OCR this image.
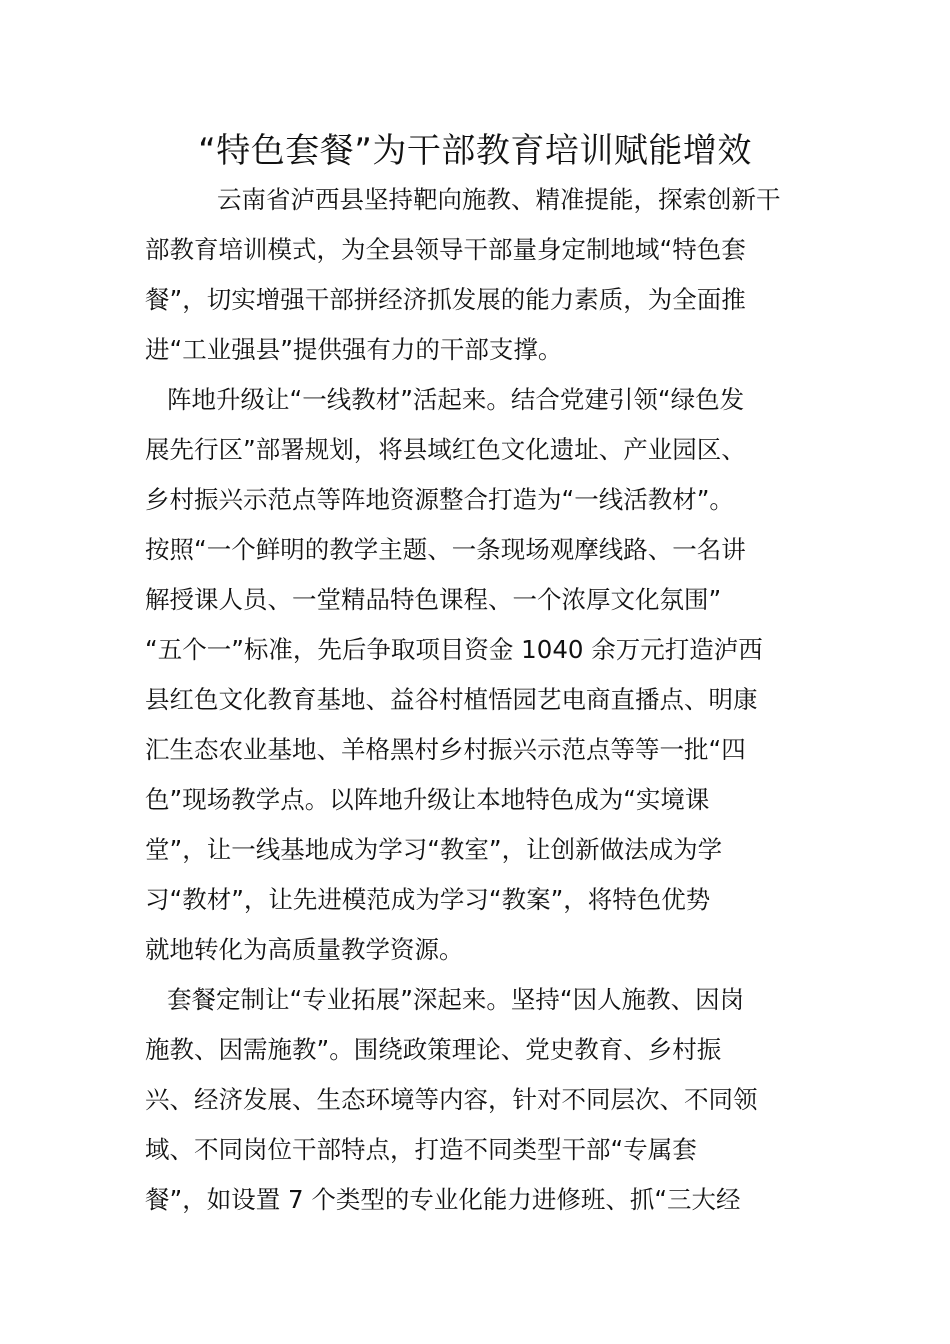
“特色套餐”为干部教育培训赋能增效
云南省泸西县坚持靶向施教、精准提能，探索创新干
部教育培训模式，为全县领导干部量身定制地域“特色套
餐”，切实增强干部拼经济抓发展的能力素质，为全面推
进“工业强县”提供强有力的干部支撑。
阵地升级让“一线教材”活起来。结合党建引领“绿色发
展先行区”部署规划，将县域红色文化遗址、产业园区、
乡村振兴示范点等阵地资源整合打造为“一线活教材”。
按照“一个鲜明的教学主题、一条现场观摩线路、一名讲
解授课人员、一堂精品特色课程、一个浓厚文化氛围”
“五个一”标准，先后争取项目资金 1040 余万元打造泸西
县红色文化教育基地、益谷村植悟园艺电商直播点、明康
汇生态农业基地、羊格黑村乡村振兴示范点等等一批“四
色”现场教学点。以阵地升级让本地特色成为“实境课
堂”，让一线基地成为学习“教室”，让创新做法成为学
习“教材”，让先进模范成为学习“教案”，将特色优势
就地转化为高质量教学资源。
套餐定制让“专业拓展”深起来。坚持“因人施教、因岗
施教、因需施教”。围绕政策理论、党史教育、乡村振
兴、经济发展、生态环境等内容，针对不同层次、不同领
域、不同岗位干部特点，打造不同类型干部“专属套
餐”，如设置 7 个类型的专业化能力进修班、抓“三大经
